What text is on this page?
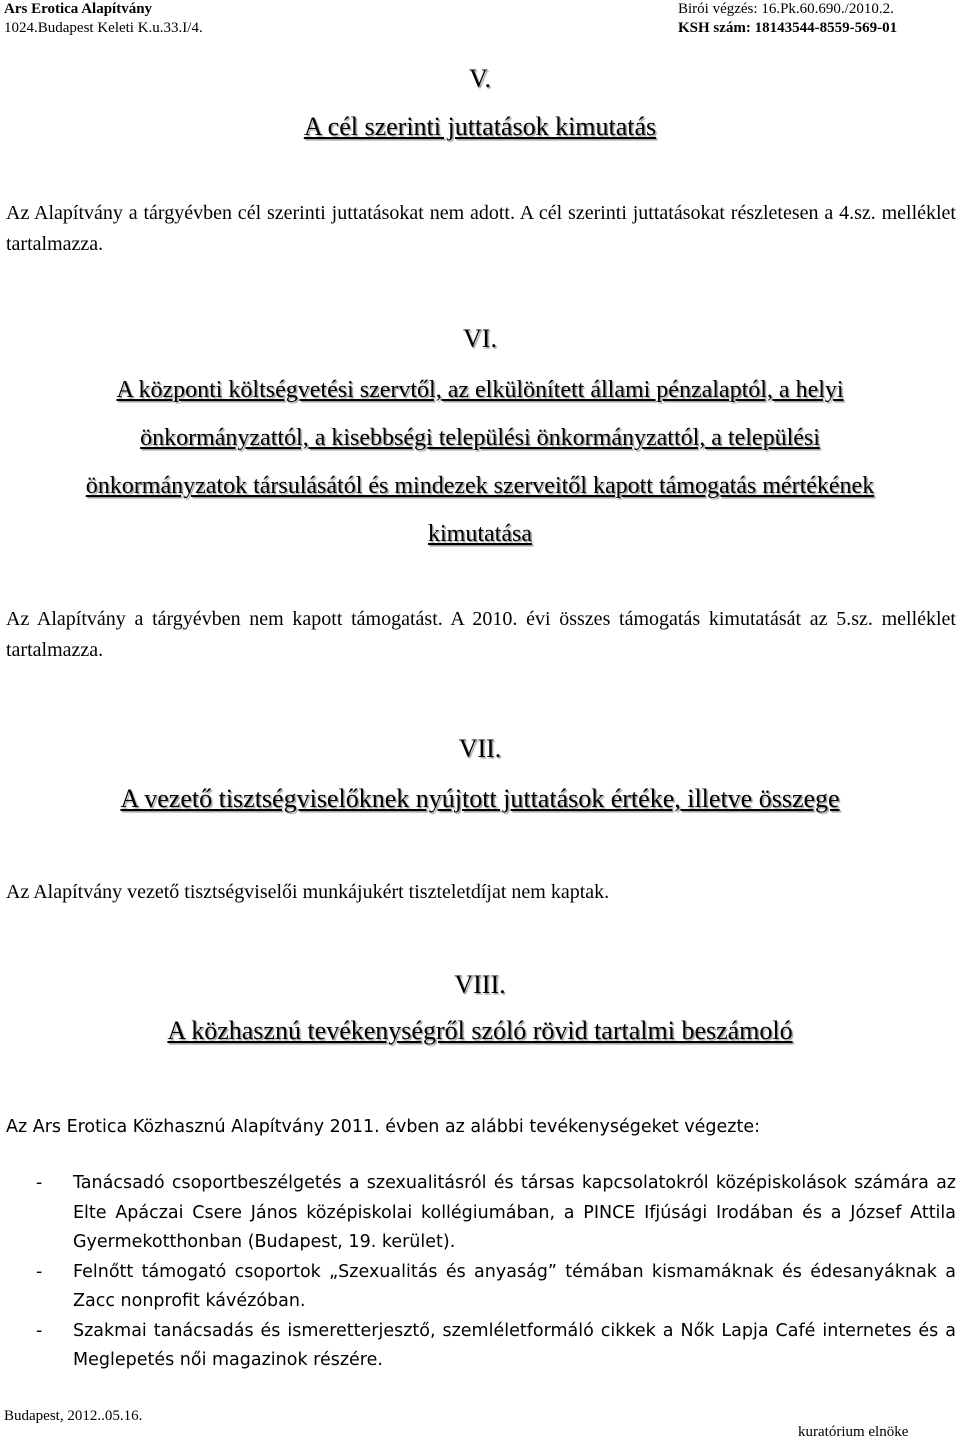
Ars Erotica Alapítvány
1024.Budapest Keleti K.u.33.I/4.
Birói végzés: 16.Pk.60.690./2010.2.
KSH szám: 18143544-8559-569-01
V.
A cél szerinti juttatások kimutatás
Az Alapítvány a tárgyévben cél szerinti juttatásokat nem adott. A cél szerinti juttatásokat részletesen a 4.sz. melléklet tartalmazza.
VI.
A központi költségvetési szervtől, az elkülönített állami pénzalaptól, a helyi
önkormányzattól, a kisebbségi települési önkormányzattól, a települési
önkormányzatok társulásától és mindezek szerveitől kapott támogatás mértékének
kimutatása
Az Alapítvány a tárgyévben nem kapott támogatást. A 2010. évi összes támogatás kimutatását az 5.sz. melléklet tartalmazza.
VII.
A vezető tisztségviselőknek nyújtott juttatások értéke, illetve összege
Az Alapítvány vezető tisztségviselői munkájukért tiszteletdíjat nem kaptak.
VIII.
A közhasznú tevékenységről szóló rövid tartalmi beszámoló
Az Ars Erotica Közhasznú Alapítvány 2011. évben az alábbi tevékenységeket végezte:
- Tanácsadó csoportbeszélgetés a szexualitásról és társas kapcsolatokról középiskolások számára az Elte Apáczai Csere János középiskolai kollégiumában, a PINCE Ifjúsági Irodában és a József Attila Gyermekotthonban (Budapest, 19. kerület).
- Felnőtt támogató csoportok „Szexualitás és anyaság” témában kismamáknak és édesanyáknak a Zacc nonprofit kávézóban.
- Szakmai tanácsadás és ismeretterjesztő, szemléletformáló cikkek a Nők Lapja Café internetes és a Meglepetés női magazinok részére.
Budapest, 2012..05.16.
kuratórium elnöke
